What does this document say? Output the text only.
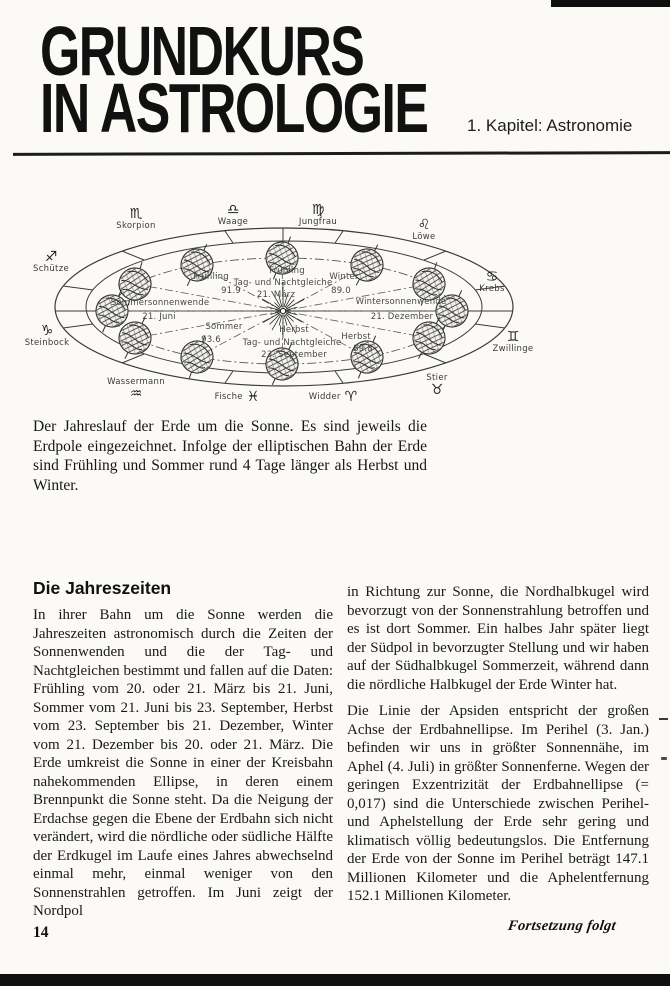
GRUNDKURS
IN ASTROLOGIE 1. Kapitel: Astronomie
♏
Skorpion
♎
Waage
♍
Jungfrau	♌
Löwe
♋
Krebs
♊
Zwillinge
♉
Stier
♈
Widder
♓
Fische
♒
Wassermann
♑
Steinbock
♐
Schütze
Frühling
91.9
Frühling
Tag- und Nachtgleiche
21. März
Winter
89.0
Sommersonnenwende
21. Juni
Wintersonnenwende
21. Dezember
Sommer
93.6
Herbst
Tag- und Nachtgleiche
23. September
Herbst
89.8

Der Jahreslauf der Erde um die Sonne. Es sind jeweils die Erdpole eingezeichnet. Infolge der elliptischen Bahn der Erde sind Frühling und Sommer rund 4 Tage länger als Herbst und Winter.

Die Jahreszeiten

In ihrer Bahn um die Sonne werden die Jahreszeiten astronomisch durch die Zeiten der Sonnenwenden und die der Tag- und Nachtgleichen bestimmt und fallen auf die Daten: Frühling vom 20. oder 21. März bis 21. Juni, Sommer vom 21. Juni bis 23. September, Herbst vom 23. September bis 21. Dezember, Winter vom 21. Dezember bis 20. oder 21. März. Die Erde umkreist die Sonne in einer der Kreisbahn nahekommenden Ellipse, in deren einem Brennpunkt die Sonne steht. Da die Neigung der Erdachse gegen die Ebene der Erdbahn sich nicht verändert, wird die nördliche oder südliche Hälfte der Erdkugel im Laufe eines Jahres abwechselnd einmal mehr, einmal weniger von den Sonnenstrahlen getroffen. Im Juni zeigt der Nordpol

in Richtung zur Sonne, die Nordhalbkugel wird bevorzugt von der Sonnenstrahlung betroffen und es ist dort Sommer. Ein halbes Jahr später liegt der Südpol in bevorzugter Stellung und wir haben auf der Südhalbkugel Sommerzeit, während dann die nördliche Halbkugel der Erde Winter hat.

Die Linie der Apsiden entspricht der großen Achse der Erdbahnellipse. Im Perihel (3. Jan.) befinden wir uns in größter Sonnennähe, im Aphel (4. Juli) in größter Sonnenferne. Wegen der geringen Exzentrizität der Erdbahnellipse (= 0,017) sind die Unterschiede zwischen Perihel- und Aphelstellung der Erde sehr gering und klimatisch völlig bedeutungslos. Die Entfernung der Erde von der Sonne im Perihel beträgt 147.1 Millionen Kilometer und die Aphelentfernung 152.1 Millionen Kilometer.

14	Fortsetzung folgt
